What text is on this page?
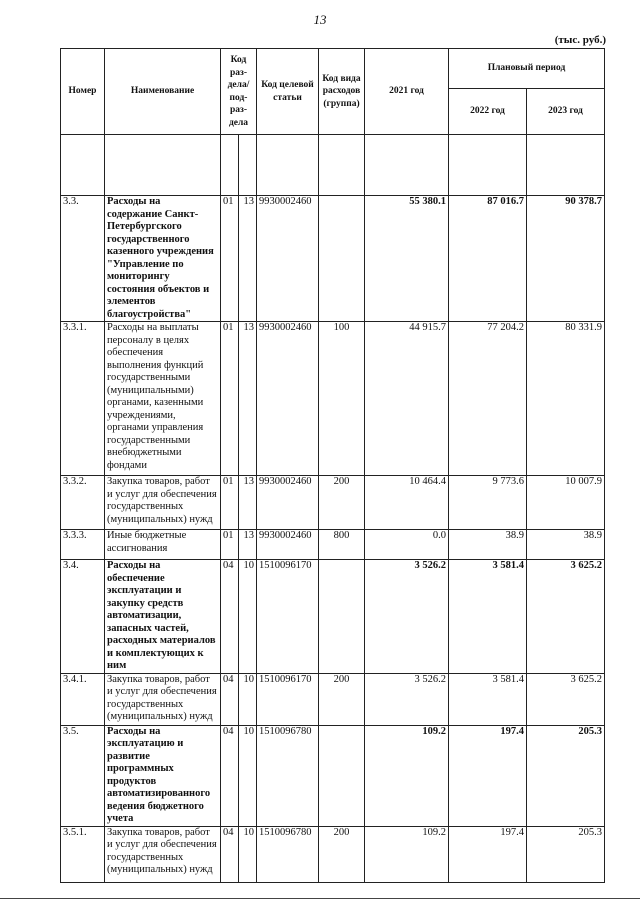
13
(тыс. руб.)
Номер	Наименование	Код раз- дела/ под- раз- дела		Код целевой статьи	Код вида расходов (группа)	2021 год	Плановый период	
							2022 год	2023 год

3.3.	Расходы на содержание Санкт-Петербургского государственного казенного учреждения "Управление по мониторингу состояния объектов и элементов благоустройства"	01	13	9930002460		55 380.1	87 016.7	90 378.7
3.3.1.	Расходы на выплаты персоналу в целях обеспечения выполнения функций государственными (муниципальными) органами, казенными учреждениями, органами управления государственными внебюджетными фондами	01	13	9930002460	100	44 915.7	77 204.2	80 331.9
3.3.2.	Закупка товаров, работ и услуг для обеспечения государственных (муниципальных) нужд	01	13	9930002460	200	10 464.4	9 773.6	10 007.9
3.3.3.	Иные бюджетные ассигнования	01	13	9930002460	800	0.0	38.9	38.9
3.4.	Расходы на обеспечение эксплуатации и закупку средств автоматизации, запасных частей, расходных материалов и комплектующих к ним	04	10	1510096170		3 526.2	3 581.4	3 625.2
3.4.1.	Закупка товаров, работ и услуг для обеспечения государственных (муниципальных) нужд	04	10	1510096170	200	3 526.2	3 581.4	3 625.2
3.5.	Расходы на эксплуатацию и развитие программных продуктов автоматизированного ведения бюджетного учета	04	10	1510096780		109.2	197.4	205.3
3.5.1.	Закупка товаров, работ и услуг для обеспечения государственных (муниципальных) нужд	04	10	1510096780	200	109.2	197.4	205.3
